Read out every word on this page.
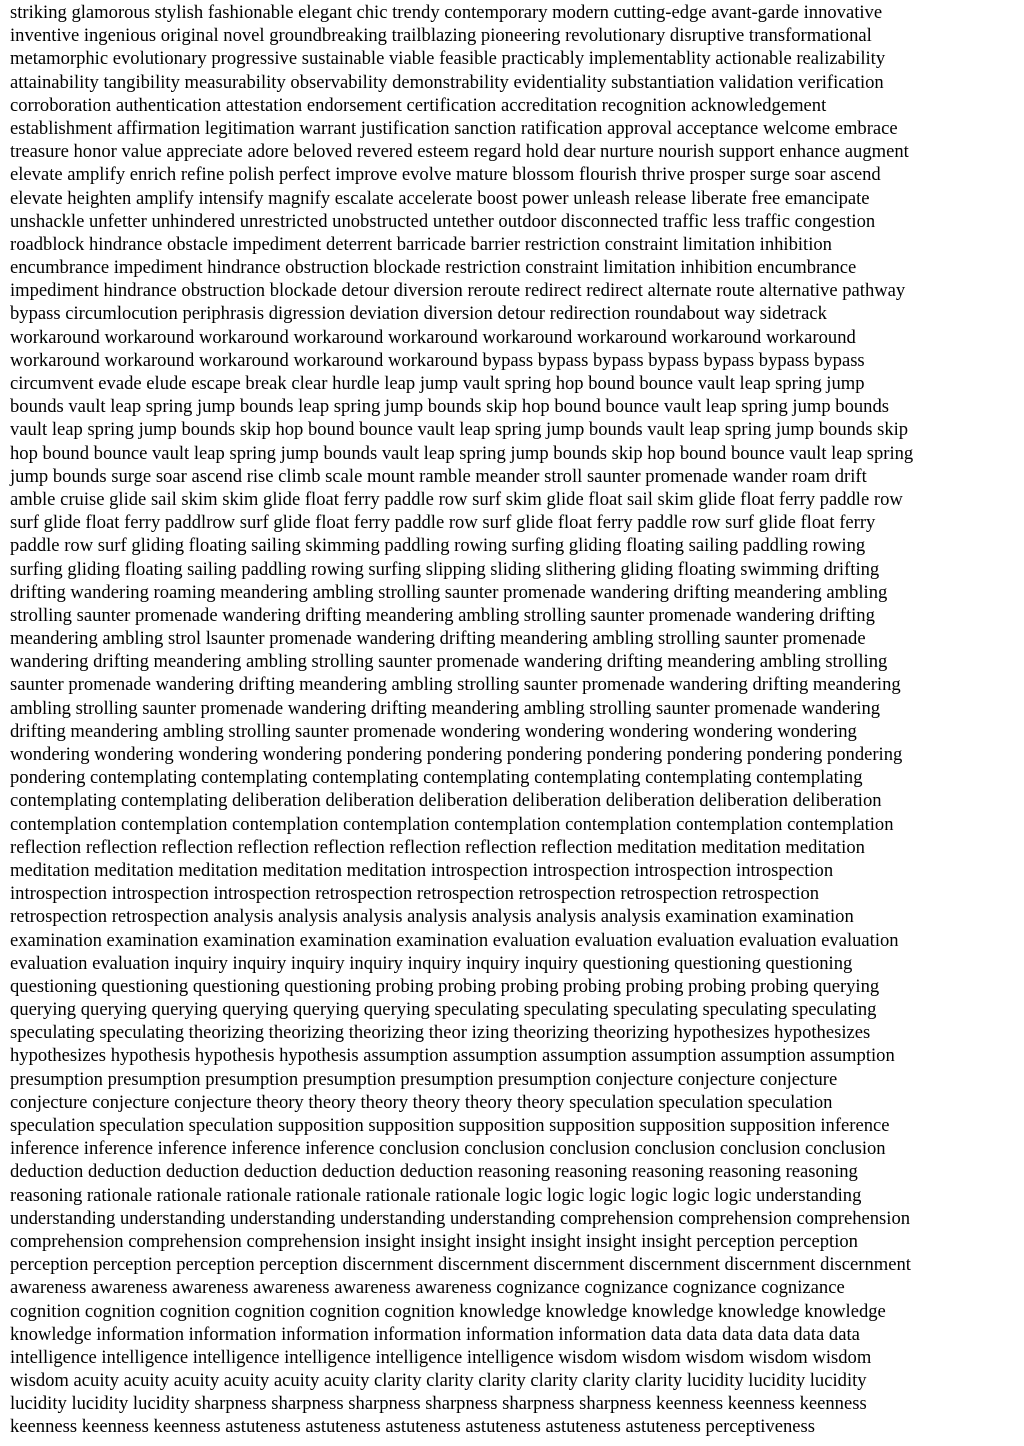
striking glamorous stylish fashionable elegant chic trendy contemporary modern cutting-edge avant-garde innovative
inventive ingenious original novel groundbreaking trailblazing pioneering revolutionary disruptive transformational
metamorphic evolutionary progressive sustainable viable feasible practicably implementablity actionable realizability
attainability tangibility measurability observability demonstrability evidentiality substantiation validation verification
corroboration authentication attestation endorsement certification accreditation recognition acknowledgement
establishment affirmation legitimation warrant justification sanction ratification approval acceptance welcome embrace
treasure honor value appreciate adore beloved revered esteem regard hold dear nurture nourish support enhance augment
elevate amplify enrich refine polish perfect improve evolve mature blossom flourish thrive prosper surge soar ascend
elevate heighten amplify intensify magnify escalate accelerate boost power unleash release liberate free emancipate
unshackle unfetter unhindered unrestricted unobstructed untether outdoor disconnected traffic less traffic congestion
roadblock hindrance obstacle impediment deterrent barricade barrier restriction constraint limitation inhibition
encumbrance impediment hindrance obstruction blockade restriction constraint limitation inhibition encumbrance
impediment hindrance obstruction blockade detour diversion reroute redirect redirect alternate route alternative pathway
bypass circumlocution periphrasis digression deviation diversion detour redirection roundabout way sidetrack
workaround workaround workaround workaround workaround workaround workaround workaround workaround
workaround workaround workaround workaround workaround bypass bypass bypass bypass bypass bypass bypass
circumvent evade elude escape break clear hurdle leap jump vault spring hop bound bounce vault leap spring jump
bounds vault leap spring jump bounds leap spring jump bounds skip hop bound bounce vault leap spring jump bounds
vault leap spring jump bounds skip hop bound bounce vault leap spring jump bounds vault leap spring jump bounds skip
hop bound bounce vault leap spring jump bounds vault leap spring jump bounds skip hop bound bounce vault leap spring
jump bounds surge soar ascend rise climb scale mount ramble meander stroll saunter promenade wander roam drift
amble cruise glide sail skim skim glide float ferry paddle row surf skim glide float sail skim glide float ferry paddle row
surf glide float ferry paddlrow surf glide float ferry paddle row surf glide float ferry paddle row surf glide float ferry
paddle row surf gliding floating sailing skimming paddling rowing surfing gliding floating sailing paddling rowing
surfing gliding floating sailing paddling rowing surfing slipping sliding slithering gliding floating swimming drifting
drifting wandering roaming meandering ambling strolling saunter promenade wandering drifting meandering ambling
strolling saunter promenade wandering drifting meandering ambling strolling saunter promenade wandering drifting
meandering ambling strol lsaunter promenade wandering drifting meandering ambling strolling saunter promenade
wandering drifting meandering ambling strolling saunter promenade wandering drifting meandering ambling strolling
saunter promenade wandering drifting meandering ambling strolling saunter promenade wandering drifting meandering
ambling strolling saunter promenade wandering drifting meandering ambling strolling saunter promenade wandering
drifting meandering ambling strolling saunter promenade wondering wondering wondering wondering wondering
wondering wondering wondering wondering pondering pondering pondering pondering pondering pondering pondering
pondering contemplating contemplating contemplating contemplating contemplating contemplating contemplating
contemplating contemplating deliberation deliberation deliberation deliberation deliberation deliberation deliberation
contemplation contemplation contemplation contemplation contemplation contemplation contemplation contemplation
reflection reflection reflection reflection reflection reflection reflection reflection meditation meditation meditation
meditation meditation meditation meditation meditation introspection introspection introspection introspection
introspection introspection introspection retrospection retrospection retrospection retrospection retrospection
retrospection retrospection analysis analysis analysis analysis analysis analysis analysis examination examination
examination examination examination examination examination evaluation evaluation evaluation evaluation evaluation
evaluation evaluation inquiry inquiry inquiry inquiry inquiry inquiry inquiry questioning questioning questioning
questioning questioning questioning questioning probing probing probing probing probing probing probing querying
querying querying querying querying querying querying speculating speculating speculating speculating speculating
speculating speculating theorizing theorizing theorizing theor izing theorizing theorizing hypothesizes hypothesizes
hypothesizes hypothesis hypothesis hypothesis assumption assumption assumption assumption assumption assumption
presumption presumption presumption presumption presumption presumption conjecture conjecture conjecture
conjecture conjecture conjecture theory theory theory theory theory theory speculation speculation speculation
speculation speculation speculation supposition supposition supposition supposition supposition supposition inference
inference inference inference inference inference conclusion conclusion conclusion conclusion conclusion conclusion
deduction deduction deduction deduction deduction deduction reasoning reasoning reasoning reasoning reasoning
reasoning rationale rationale rationale rationale rationale rationale logic logic logic logic logic logic understanding
understanding understanding understanding understanding understanding comprehension comprehension comprehension
comprehension comprehension comprehension insight insight insight insight insight insight perception perception
perception perception perception perception discernment discernment discernment discernment discernment discernment
awareness awareness awareness awareness awareness awareness cognizance cognizance cognizance cognizance
cognition cognition cognition cognition cognition cognition knowledge knowledge knowledge knowledge knowledge
knowledge information information information information information information data data data data data data
intelligence intelligence intelligence intelligence intelligence intelligence wisdom wisdom wisdom wisdom wisdom
wisdom acuity acuity acuity acuity acuity acuity clarity clarity clarity clarity clarity clarity lucidity lucidity lucidity
lucidity lucidity lucidity sharpness sharpness sharpness sharpness sharpness sharpness keenness keenness keenness
keenness keenness keenness astuteness astuteness astuteness astuteness astuteness astuteness perceptiveness
